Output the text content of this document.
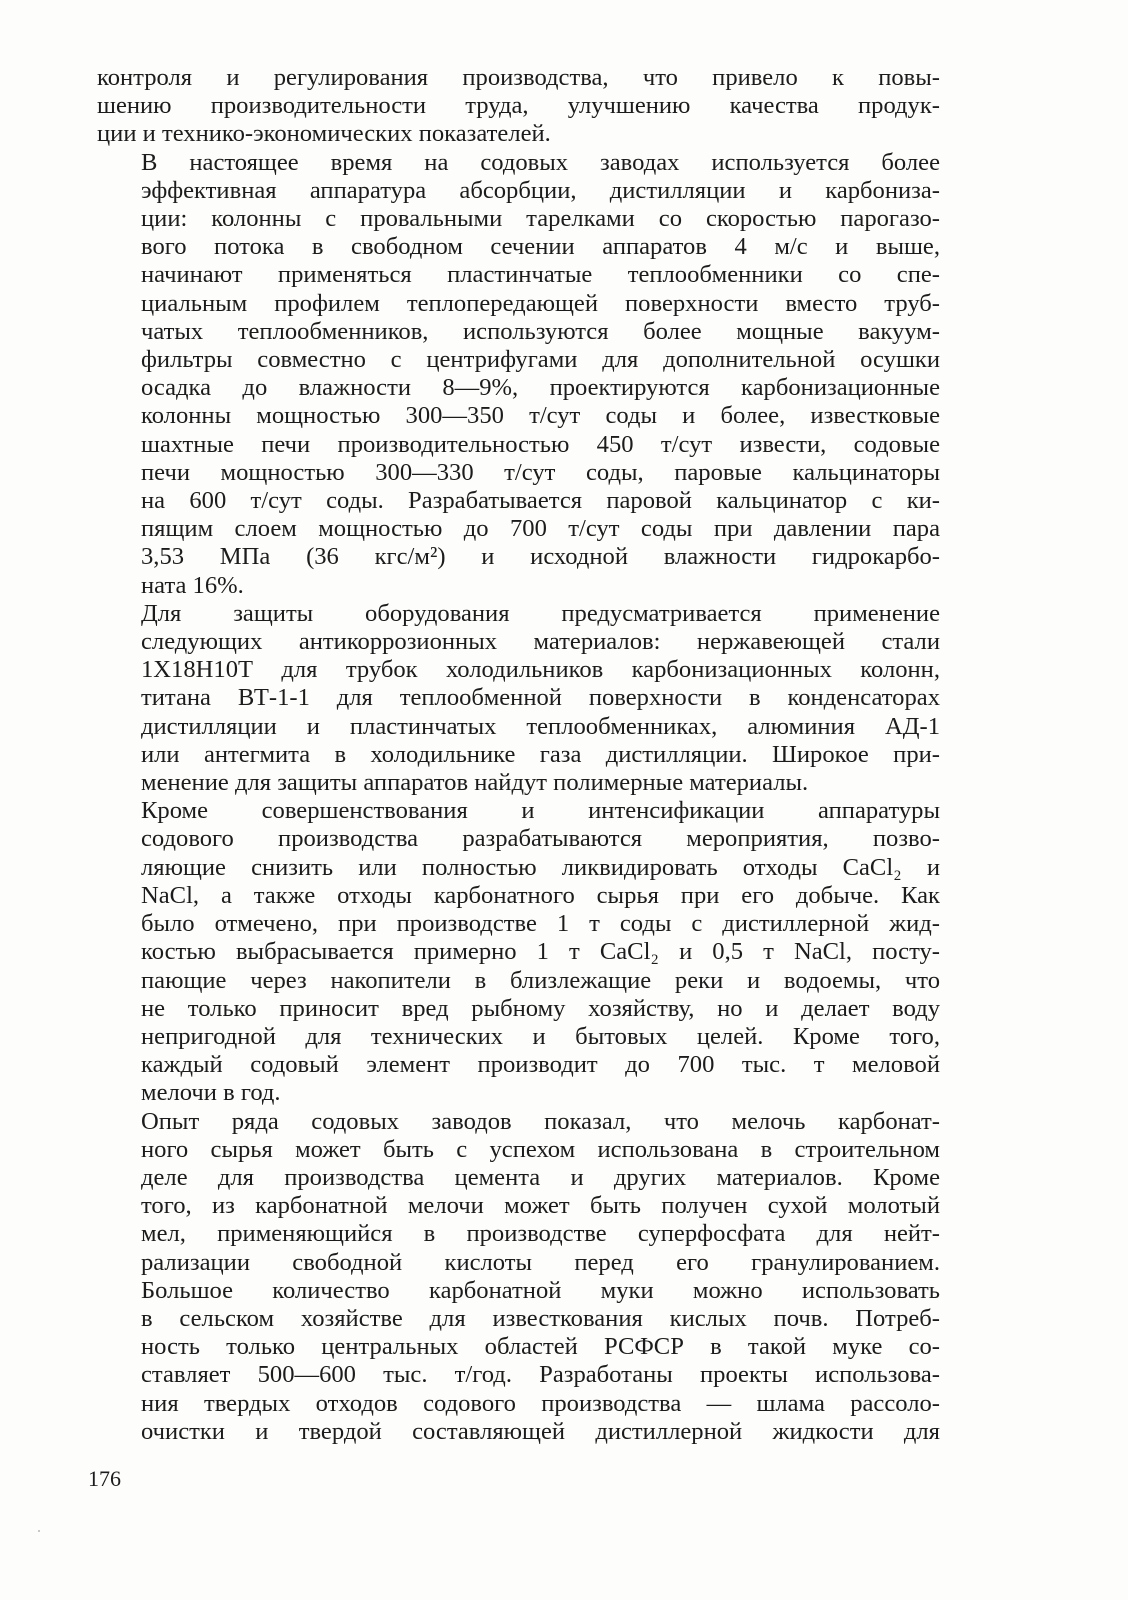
контроля и регулирования производства, что привело к повы-
шению производительности труда, улучшению качества продук-
ции и технико-экономических показателей.
В настоящее время на содовых заводах используется более
эффективная аппаратура абсорбции, дистилляции и карбониза-
ции: колонны с провальными тарелками со скоростью парогазо-
вого потока в свободном сечении аппаратов 4 м/с и выше,
начинают применяться пластинчатые теплообменники со спе-
циальным профилем теплопередающей поверхности вместо труб-
чатых теплообменников, используются более мощные вакуум-
фильтры совместно с центрифугами для дополнительной осушки
осадка до влажности 8—9%, проектируются карбонизационные
колонны мощностью 300—350 т/сут соды и более, известковые
шахтные печи производительностью 450 т/сут извести, содовые
печи мощностью 300—330 т/сут соды, паровые кальцинаторы
на 600 т/сут соды. Разрабатывается паровой кальцинатор с ки-
пящим слоем мощностью до 700 т/сут соды при давлении пара
3,53 МПа (36 кгс/м²) и исходной влажности гидрокарбо-
ната 16%.
Для защиты оборудования предусматривается применение
следующих антикоррозионных материалов: нержавеющей стали
1Х18Н10Т для трубок холодильников карбонизационных колонн,
титана ВТ-1-1 для теплообменной поверхности в конденсаторах
дистилляции и пластинчатых теплообменниках, алюминия АД-1
или антегмита в холодильнике газа дистилляции. Широкое при-
менение для защиты аппаратов найдут полимерные материалы.
Кроме совершенствования и интенсификации аппаратуры
содового производства разрабатываются мероприятия, позво-
ляющие снизить или полностью ликвидировать отходы CaCl₂ и
NaCl, а также отходы карбонатного сырья при его добыче. Как
было отмечено, при производстве 1 т соды с дистиллерной жид-
костью выбрасывается примерно 1 т CaCl₂ и 0,5 т NaCl, посту-
пающие через накопители в близлежащие реки и водоемы, что
не только приносит вред рыбному хозяйству, но и делает воду
непригодной для технических и бытовых целей. Кроме того,
каждый содовый элемент производит до 700 тыс. т меловой
мелочи в год.
Опыт ряда содовых заводов показал, что мелочь карбонат-
ного сырья может быть с успехом использована в строительном
деле для производства цемента и других материалов. Кроме
того, из карбонатной мелочи может быть получен сухой молотый
мел, применяющийся в производстве суперфосфата для нейт-
рализации свободной кислоты перед его гранулированием.
Большое количество карбонатной муки можно использовать
в сельском хозяйстве для известкования кислых почв. Потреб-
ность только центральных областей РСФСР в такой муке со-
ставляет 500—600 тыс. т/год. Разработаны проекты использова-
ния твердых отходов содового производства — шлама рассоло-
очистки и твердой составляющей дистиллерной жидкости для
176
